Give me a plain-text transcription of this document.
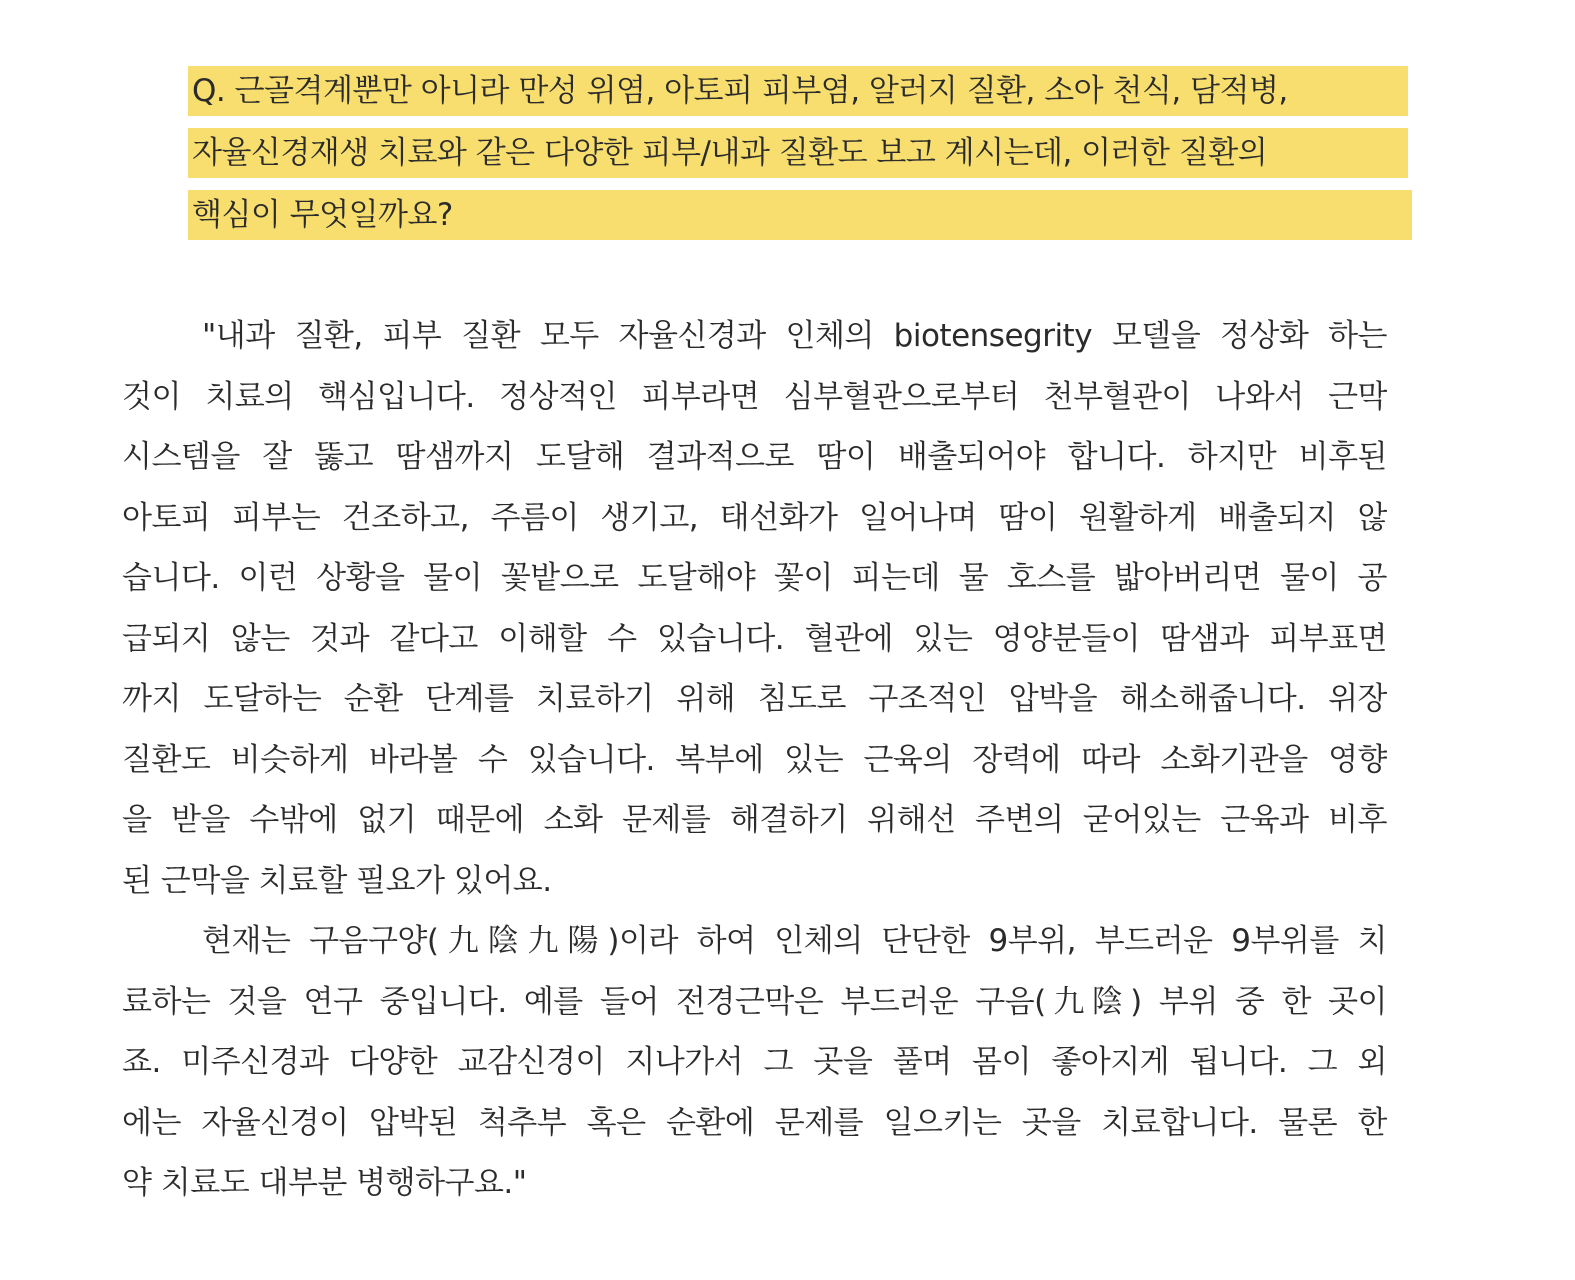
Q. 근골격계뿐만 아니라 만성 위염, 아토피 피부염, 알러지 질환, 소아 천식, 담적병,
자율신경재생 치료와 같은 다양한 피부/내과 질환도 보고 계시는데, 이러한 질환의
핵심이 무엇일까요?
"내과 질환, 피부 질환 모두 자율신경과 인체의 biotensegrity 모델을 정상화 하는
것이 치료의 핵심입니다. 정상적인 피부라면 심부혈관으로부터 천부혈관이 나와서 근막
시스템을 잘 뚫고 땀샘까지 도달해 결과적으로 땀이 배출되어야 합니다. 하지만 비후된
아토피 피부는 건조하고, 주름이 생기고, 태선화가 일어나며 땀이 원활하게 배출되지 않
습니다. 이런 상황을 물이 꽃밭으로 도달해야 꽃이 피는데 물 호스를 밟아버리면 물이 공
급되지 않는 것과 같다고 이해할 수 있습니다. 혈관에 있는 영양분들이 땀샘과 피부표면
까지 도달하는 순환 단계를 치료하기 위해 침도로 구조적인 압박을 해소해줍니다. 위장
질환도 비슷하게 바라볼 수 있습니다. 복부에 있는 근육의 장력에 따라 소화기관을 영향
을 받을 수밖에 없기 때문에 소화 문제를 해결하기 위해선 주변의 굳어있는 근육과 비후
된 근막을 치료할 필요가 있어요.
현재는 구음구양(九陰九陽)이라 하여 인체의 단단한 9부위, 부드러운 9부위를 치
료하는 것을 연구 중입니다. 예를 들어 전경근막은 부드러운 구음(九陰) 부위 중 한 곳이
죠. 미주신경과 다양한 교감신경이 지나가서 그 곳을 풀며 몸이 좋아지게 됩니다. 그 외
에는 자율신경이 압박된 척추부 혹은 순환에 문제를 일으키는 곳을 치료합니다. 물론 한
약 치료도 대부분 병행하구요."
